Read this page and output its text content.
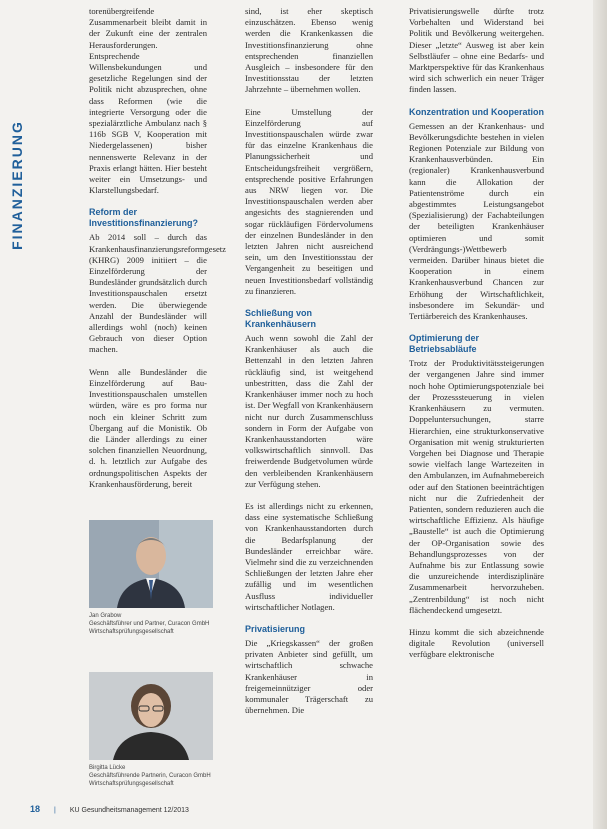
FINANZIERUNG

torenübergreifende Zusammenarbeit bleibt damit in der Zukunft eine der zentralen Herausforderungen. Entsprechende Willensbekundungen und gesetzliche Regelungen sind der Politik nicht abzusprechen, ohne dass Reformen (wie die integrierte Versorgung oder die spezialärztliche Ambulanz nach § 116b SGB V, Kooperation mit Niedergelassenen) bisher nennenswerte Relevanz in der Praxis erlangt hätten. Hier besteht weiter ein Umsetzungs- und Klarstellungsbedarf.

Reform der Investitionsfinanzierung?

Ab 2014 soll – durch das Krankenhausfinanzierungsreformgesetz (KHRG) 2009 initiiert – die Einzelförderung der Bundesländer grundsätzlich durch Investitionspauschalen ersetzt werden. Die überwiegende Anzahl der Bundesländer will allerdings wohl (noch) keinen Gebrauch von dieser Option machen.

Wenn alle Bundesländer die Einzelförderung auf Bau-Investitionspauschalen umstellen würden, wäre es pro forma nur noch ein kleiner Schritt zum Übergang auf die Monistik. Ob die Länder allerdings zu einer solchen finanziellen Neuordnung, d. h. letztlich zur Aufgabe des ordnungspolitischen Aspekts der Krankenhausförderung, bereit

Jan Grabow
Geschäftsführer und Partner, Curacon GmbH Wirtschaftsprüfungsgesellschaft
Birgitta Lücke
Geschäftsführende Partnerin, Curacon GmbH Wirtschaftsprüfungsgesellschaft

sind, ist eher skeptisch einzuschätzen. Ebenso wenig werden die Krankenkassen die Investitionsfinanzierung ohne entsprechenden finanziellen Ausgleich – insbesondere für den Investitionsstau der letzten Jahrzehnte – übernehmen wollen.

Eine Umstellung der Einzelförderung auf Investitionspauschalen würde zwar für das einzelne Krankenhaus die Planungssicherheit und Entscheidungsfreiheit vergrößern, entsprechende positive Erfahrungen aus NRW liegen vor. Die Investitionspauschalen werden aber angesichts des stagnierenden und sogar rückläufigen Fördervolumens der einzelnen Bundesländer in den letzten Jahren nicht ausreichend sein, um den Investitionsstau der Vergangenheit zu beseitigen und neuen Investitionsbedarf vollständig zu finanzieren.

Schließung von Krankenhäusern

Auch wenn sowohl die Zahl der Krankenhäuser als auch die Bettenzahl in den letzten Jahren rückläufig sind, ist weitgehend unbestritten, dass die Zahl der Krankenhäuser immer noch zu hoch ist. Der Wegfall von Krankenhäusern nicht nur durch Zusammenschluss sondern in Form der Aufgabe von Krankenhausstandorten wäre volkswirtschaftlich sinnvoll. Das freiwerdende Budgetvolumen würde den verbleibenden Krankenhäusern zur Verfügung stehen.

Es ist allerdings nicht zu erkennen, dass eine systematische Schließung von Krankenhausstandorten durch die Bedarfsplanung der Bundesländer erreichbar wäre. Vielmehr sind die zu verzeichnenden Schließungen der letzten Jahre eher zufällig und im wesentlichen Ausfluss individueller wirtschaftlicher Notlagen.

Privatisierung

Die „Kriegskassen“ der großen privaten Anbieter sind gefüllt, um wirtschaftlich schwache Krankenhäuser in freigemeinnütziger oder kommunaler Trägerschaft zu übernehmen. Die

Privatisierungswelle dürfte trotz Vorbehalten und Widerstand bei Politik und Bevölkerung weitergehen. Dieser „letzte“ Ausweg ist aber kein Selbstläufer – ohne eine Bedarfs- und Marktperspektive für das Krankenhaus wird sich schwerlich ein neuer Träger finden lassen.

Konzentration und Kooperation

Gemessen an der Krankenhaus- und Bevölkerungsdichte bestehen in vielen Regionen Potenziale zur Bildung von Krankenhausverbünden. Ein (regionaler) Krankenhausverbund kann die Allokation der Patientenströme durch ein abgestimmtes Leistungsangebot (Spezialisierung) der Fachabteilungen der beteiligten Krankenhäuser optimieren und somit (Verdrängungs-)Wettbewerb vermeiden. Darüber hinaus bietet die Kooperation in einem Krankenhausverbund Chancen zur Erhöhung der Wirtschaftlichkeit, insbesondere im Sekundär- und Tertiärbereich des Krankenhauses.

Optimierung der Betriebsabläufe

Trotz der Produktivitätssteigerungen der vergangenen Jahre sind immer noch hohe Optimierungspotenziale bei der Prozesssteuerung in vielen Krankenhäusern zu vermuten. Doppeluntersuchungen, starre Hierarchien, eine strukturkonservative Organisation mit wenig strukturierten Vorgehen bei Diagnose und Therapie sowie vielfach lange Wartezeiten in den Ambulanzen, im Aufnahmebereich oder auf den Stationen beeinträchtigen nicht nur die Zufriedenheit der Patienten, sondern reduzieren auch die wirtschaftliche Effizienz. Als häufige „Baustelle“ ist auch die Optimierung der OP-Organisation sowie des Behandlungsprozesses von der Aufnahme bis zur Entlassung sowie die unzureichende interdisziplinäre Zusammenarbeit hervorzuheben. „Zentrenbildung“ ist noch nicht flächendeckend umgesetzt.

Hinzu kommt die sich abzeichnende digitale Revolution (universell verfügbare elektronische

18 | KU Gesundheitsmanagement 12/2013
